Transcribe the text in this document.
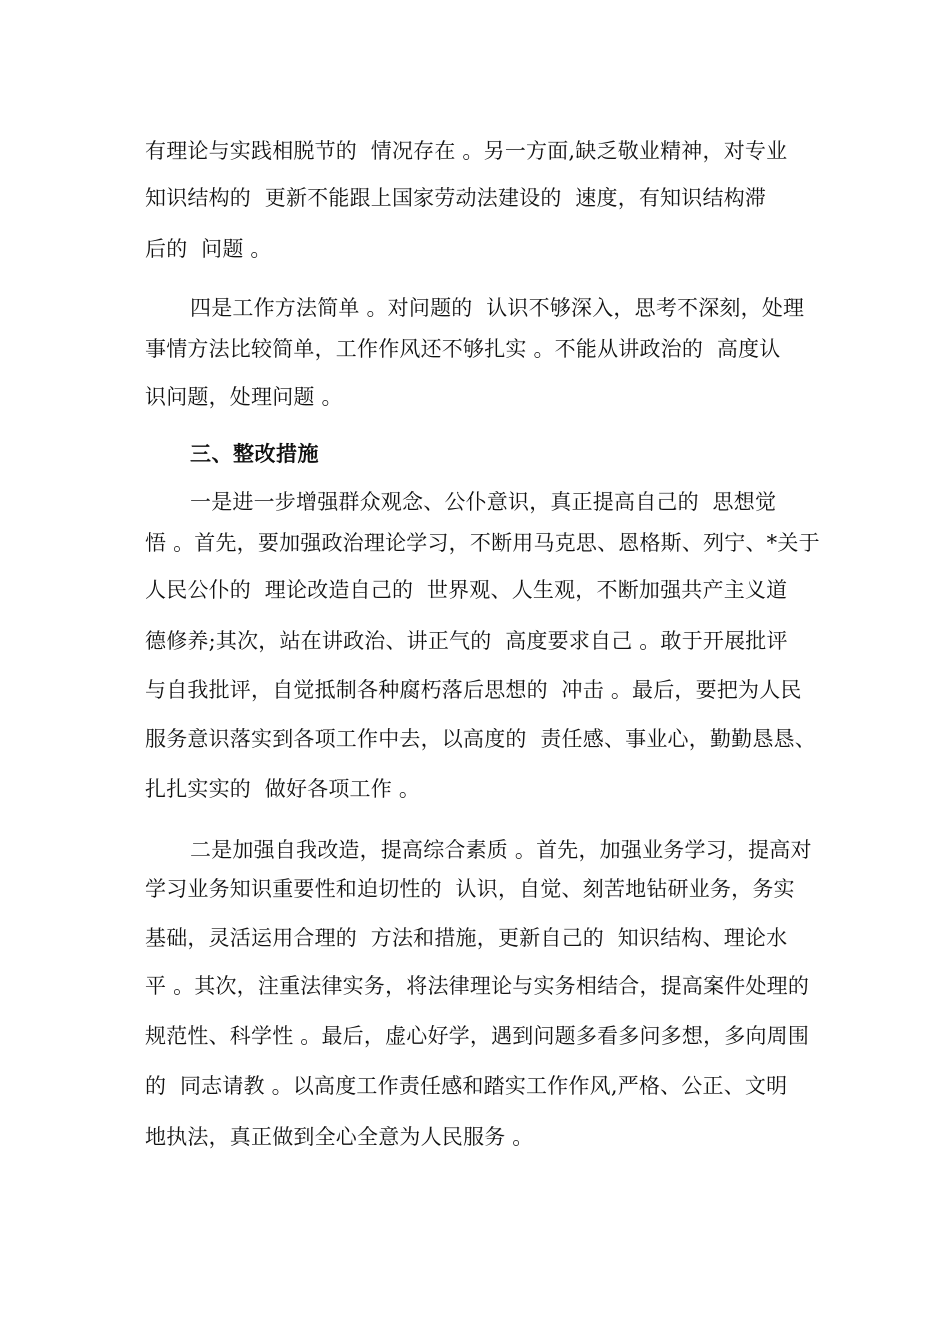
有理论与实践相脱节的  情况存在 。另一方面,缺乏敬业精神，对专业
知识结构的  更新不能跟上国家劳动法建设的  速度，有知识结构滞
后的  问题 。
四是工作方法简单 。对问题的  认识不够深入，思考不深刻，处理
事情方法比较简单，工作作风还不够扎实 。不能从讲政治的  高度认
识问题，处理问题 。
三、整改措施
一是进一步增强群众观念、公仆意识，真正提高自己的  思想觉
悟 。首先，要加强政治理论学习，不断用马克思、恩格斯、列宁、*关于
人民公仆的  理论改造自己的  世界观、人生观，不断加强共产主义道
德修养;其次，站在讲政治、讲正气的  高度要求自己 。敢于开展批评
与自我批评，自觉抵制各种腐朽落后思想的  冲击 。最后，要把为人民
服务意识落实到各项工作中去，以高度的  责任感、事业心，勤勤恳恳、
扎扎实实的  做好各项工作 。
二是加强自我改造，提高综合素质 。首先，加强业务学习，提高对
学习业务知识重要性和迫切性的  认识，自觉、刻苦地钻研业务，务实
基础，灵活运用合理的  方法和措施，更新自己的  知识结构、理论水
平 。其次，注重法律实务，将法律理论与实务相结合，提高案件处理的
规范性、科学性 。最后，虚心好学，遇到问题多看多问多想，多向周围
的  同志请教 。以高度工作责任感和踏实工作作风,严格、公正、文明
地执法，真正做到全心全意为人民服务 。
